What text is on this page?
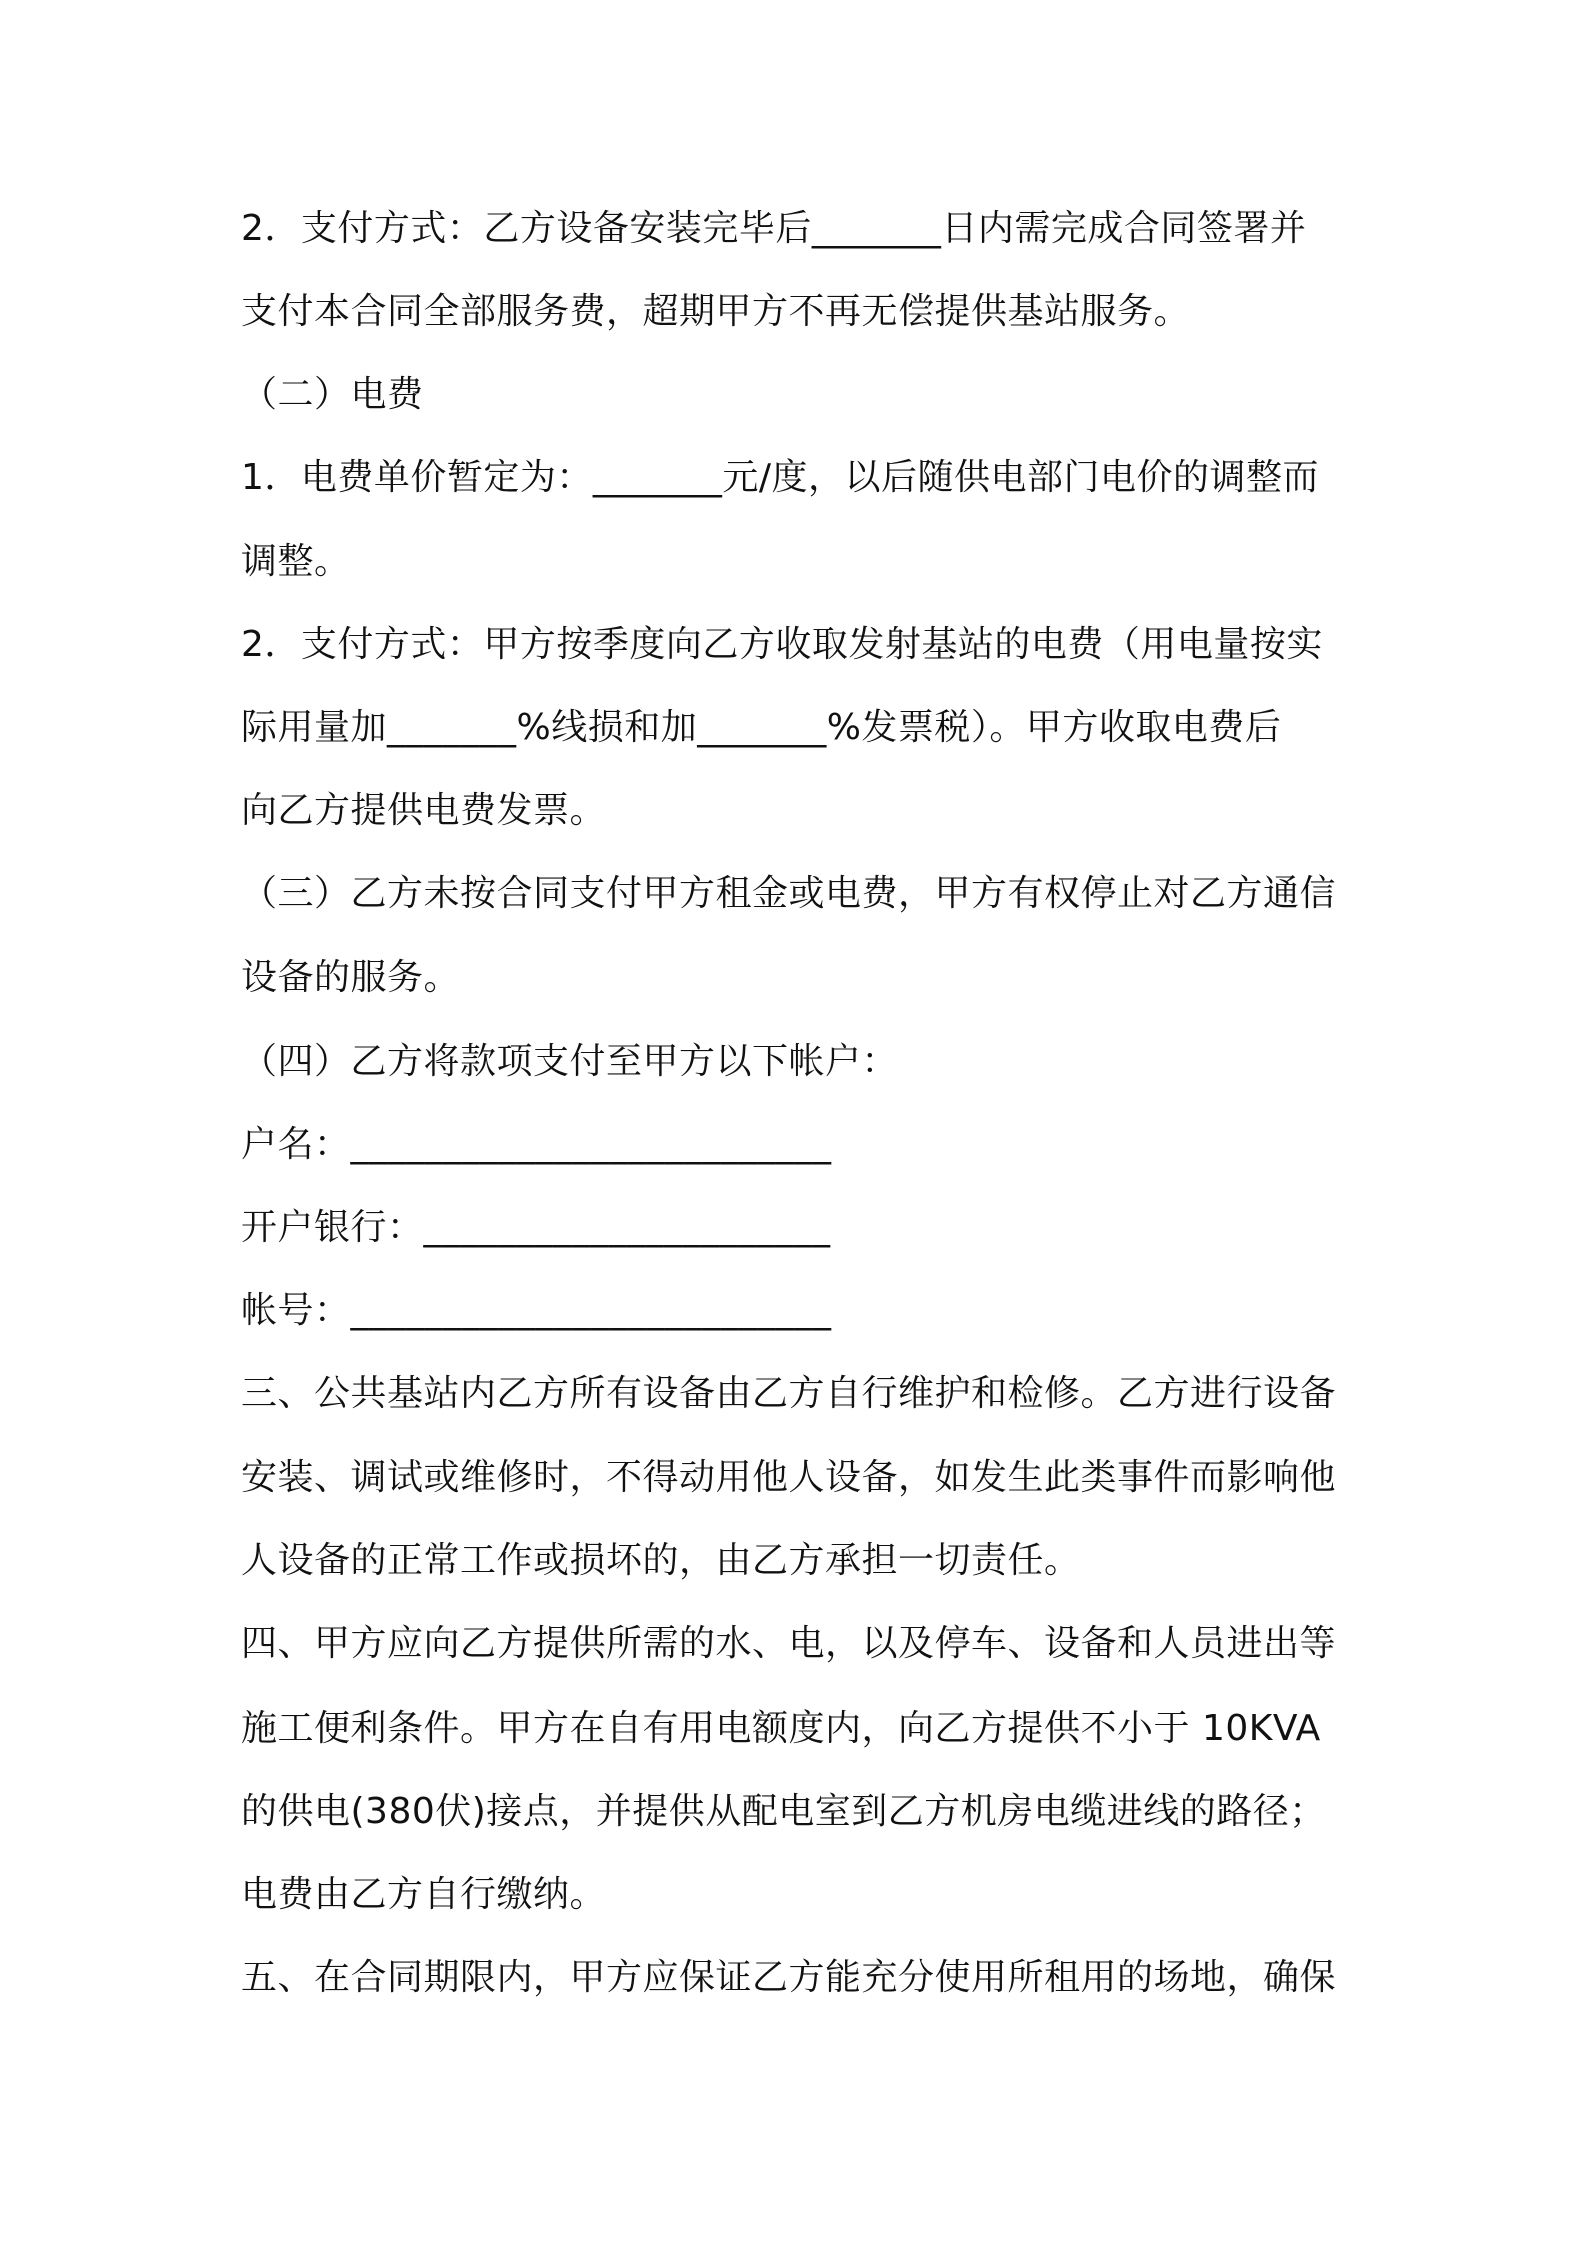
2．支付方式：乙方设备安装完毕后_______日内需完成合同签署并
支付本合同全部服务费，超期甲方不再无偿提供基站服务。
（二）电费
1．电费单价暂定为：_______元/度，以后随供电部门电价的调整而
调整。
2．支付方式：甲方按季度向乙方收取发射基站的电费（用电量按实
际用量加_______%线损和加_______%发票税）。甲方收取电费后
向乙方提供电费发票。
（三）乙方未按合同支付甲方租金或电费，甲方有权停止对乙方通信
设备的服务。
（四）乙方将款项支付至甲方以下帐户：
户名：__________________________
开户银行：______________________
帐号：__________________________
三、公共基站内乙方所有设备由乙方自行维护和检修。乙方进行设备
安装、调试或维修时，不得动用他人设备，如发生此类事件而影响他
人设备的正常工作或损坏的，由乙方承担一切责任。
四、甲方应向乙方提供所需的水、电，以及停车、设备和人员进出等
施工便利条件。甲方在自有用电额度内，向乙方提供不小于 10KVA
的供电(380伏)接点，并提供从配电室到乙方机房电缆进线的路径；
电费由乙方自行缴纳。
五、在合同期限内，甲方应保证乙方能充分使用所租用的场地，确保
